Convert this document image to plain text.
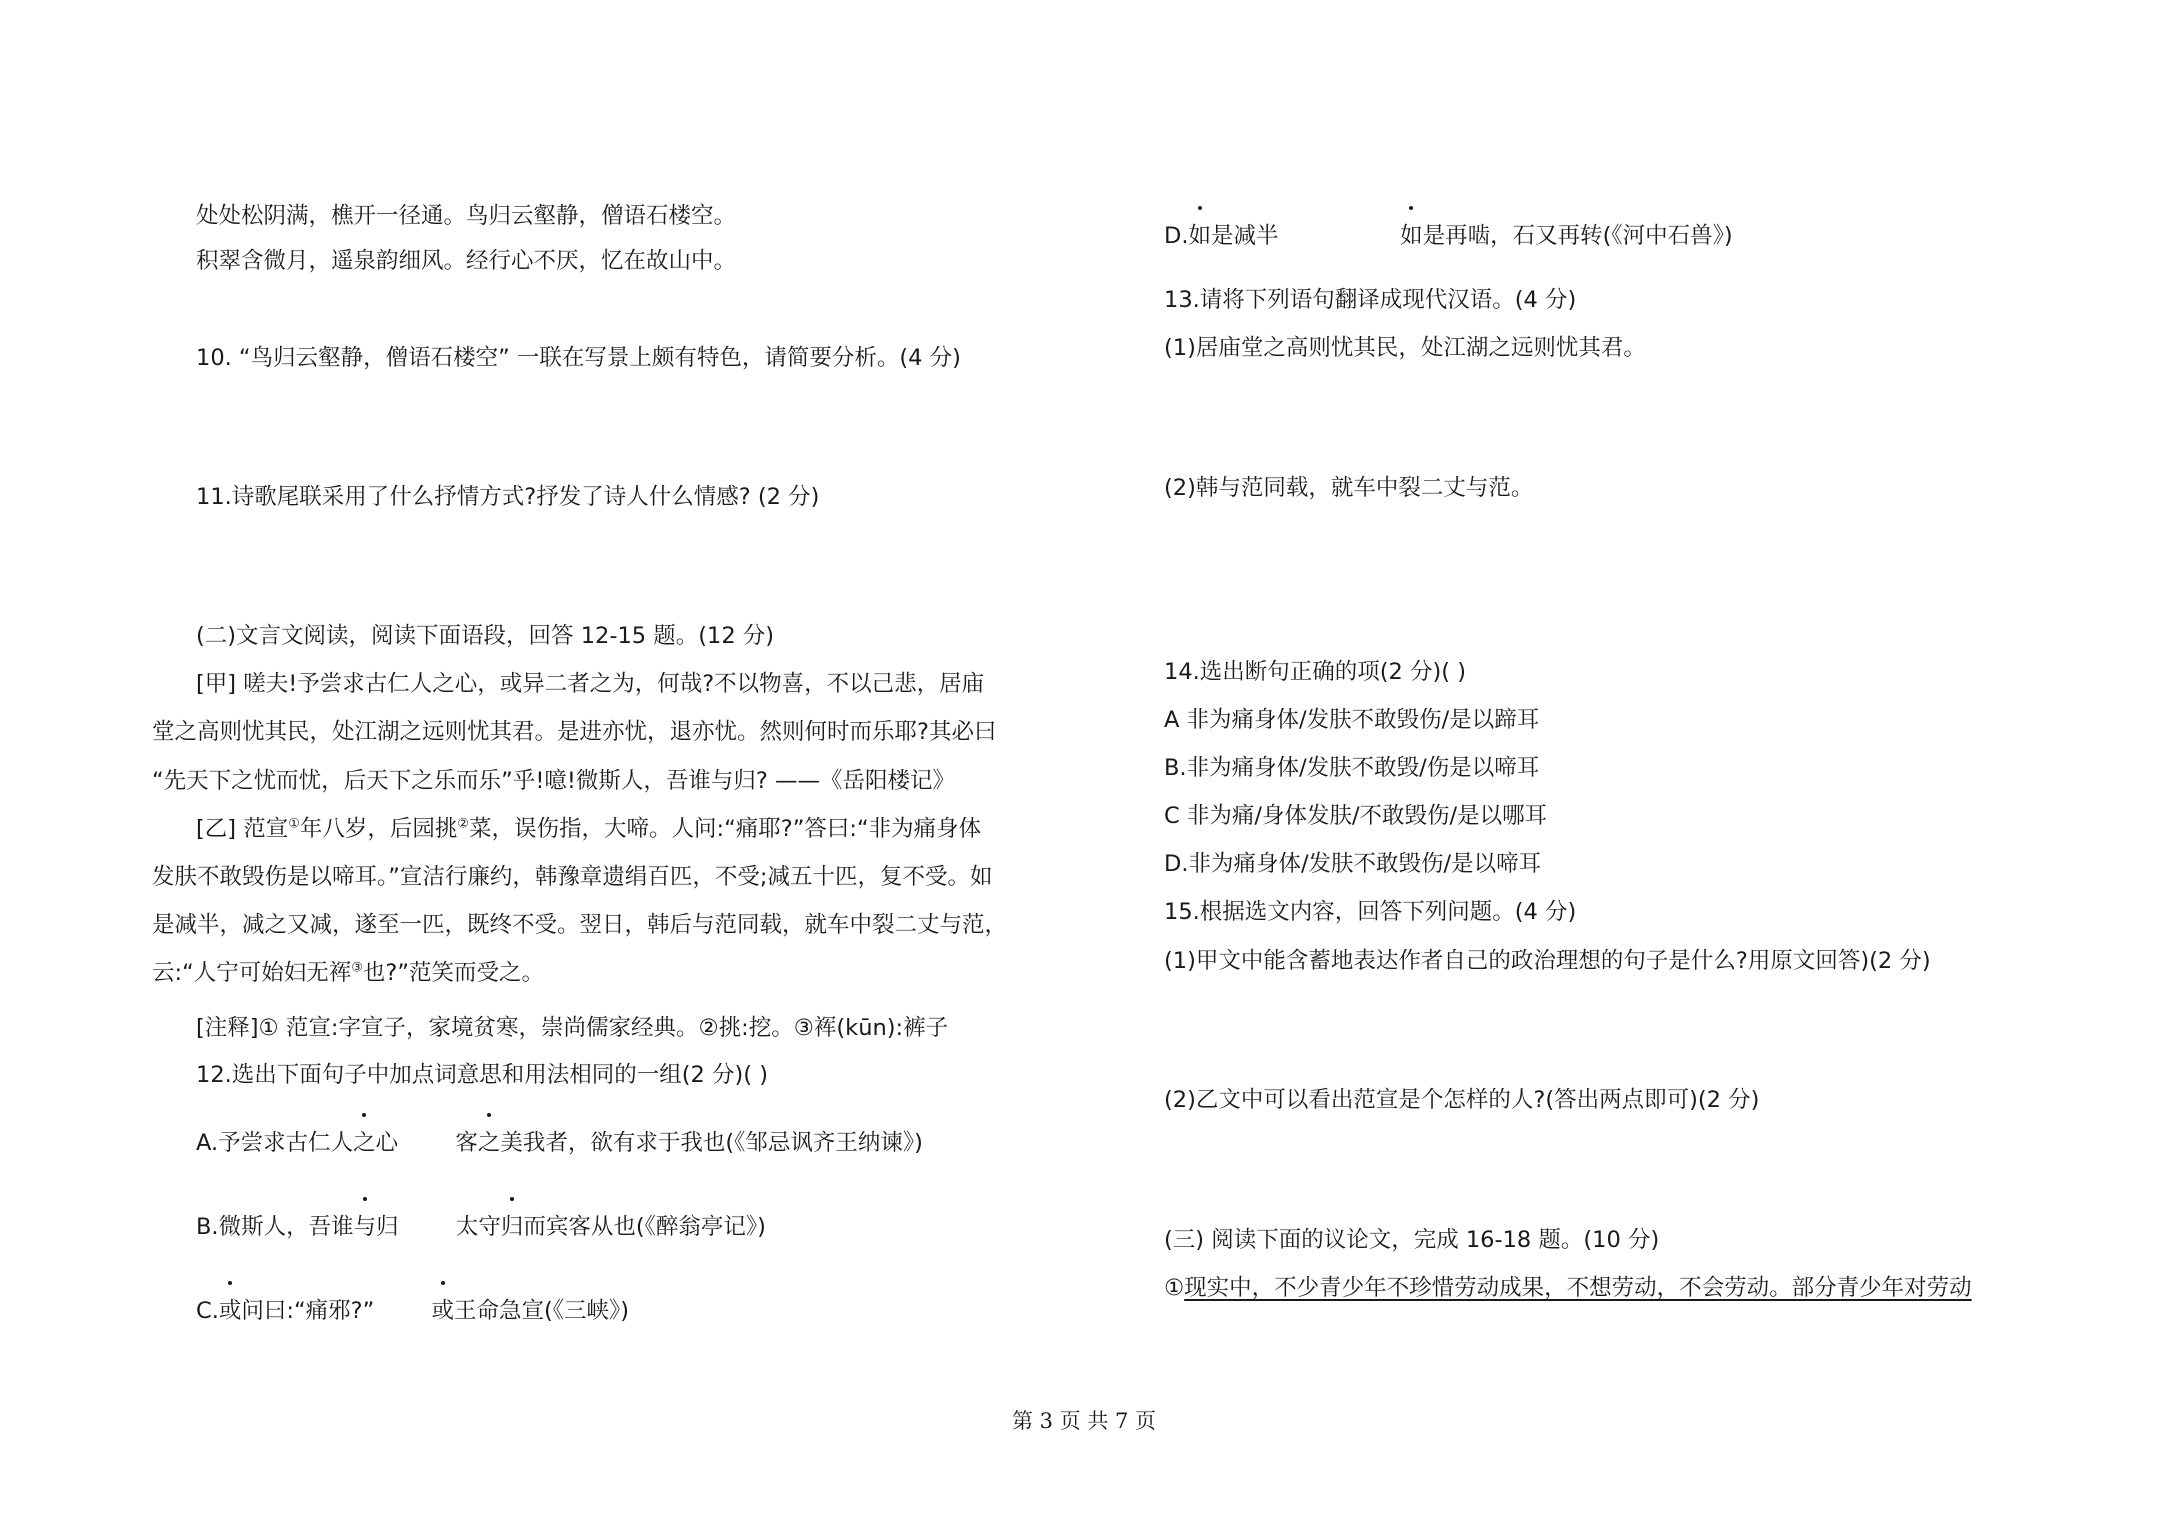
处处松阴满，樵开一径通。鸟归云壑静，僧语石楼空。
积翠含微月，遥泉韵细风。经行心不厌，忆在故山中。
10. “鸟归云壑静，僧语石楼空” 一联在写景上颇有特色，请简要分析。(4 分)
11.诗歌尾联采用了什么抒情方式?抒发了诗人什么情感? (2 分)
(二)文言文阅读，阅读下面语段，回答 12-15 题。(12 分)
[甲] 嗟夫!予尝求古仁人之心，或异二者之为，何哉?不以物喜，不以己悲，居庙
堂之高则忧其民，处江湖之远则忧其君。是进亦忧，退亦忧。然则何时而乐耶?其必曰
“先天下之忧而忧，后天下之乐而乐”乎!噫!微斯人，吾谁与归? ——《岳阳楼记》
[乙] 范宣①年八岁，后园挑②菜，误伤指，大啼。人问:“痛耶?”答曰:“非为痛身体
发肤不敢毁伤是以啼耳。”宣洁行廉约，韩豫章遗绢百匹，不受;减五十匹，复不受。如
是减半，减之又减，遂至一匹，既终不受。翌日，韩后与范同载，就车中裂二丈与范，
云:“人宁可始妇无裈③也?”范笑而受之。
[注释]① 范宣:字宣子，家境贫寒，崇尚儒家经典。②挑:挖。③裈(kūn):裤子
12.选出下面句子中加点词意思和用法相同的一组(2 分)( )
A.予尝求古仁人之心        客之美我者，欲有求于我也(《邹忌讽齐王纳谏》)
B.微斯人，吾谁与归        太守归而宾客从也(《醉翁亭记》)
C.或问曰:“痛邪?”        或王命急宣(《三峡》)
D.如是减半                 如是再啮，石又再转(《河中石兽》)
13.请将下列语句翻译成现代汉语。(4 分)
(1)居庙堂之高则忧其民，处江湖之远则忧其君。
(2)韩与范同载，就车中裂二丈与范。
14.选出断句正确的项(2 分)( )
A 非为痛身体/发肤不敢毁伤/是以蹄耳
B.非为痛身体/发肤不敢毁/伤是以啼耳
C 非为痛/身体发肤/不敢毁伤/是以哪耳
D.非为痛身体/发肤不敢毁伤/是以啼耳
15.根据选文内容，回答下列问题。(4 分)
(1)甲文中能含蓄地表达作者自己的政治理想的句子是什么?用原文回答)(2 分)
(2)乙文中可以看出范宣是个怎样的人?(答出两点即可)(2 分)
(三) 阅读下面的议论文，完成 16-18 题。(10 分)
①现实中，不少青少年不珍惜劳动成果，不想劳动，不会劳动。部分青少年对劳动
第 3 页 共 7 页
